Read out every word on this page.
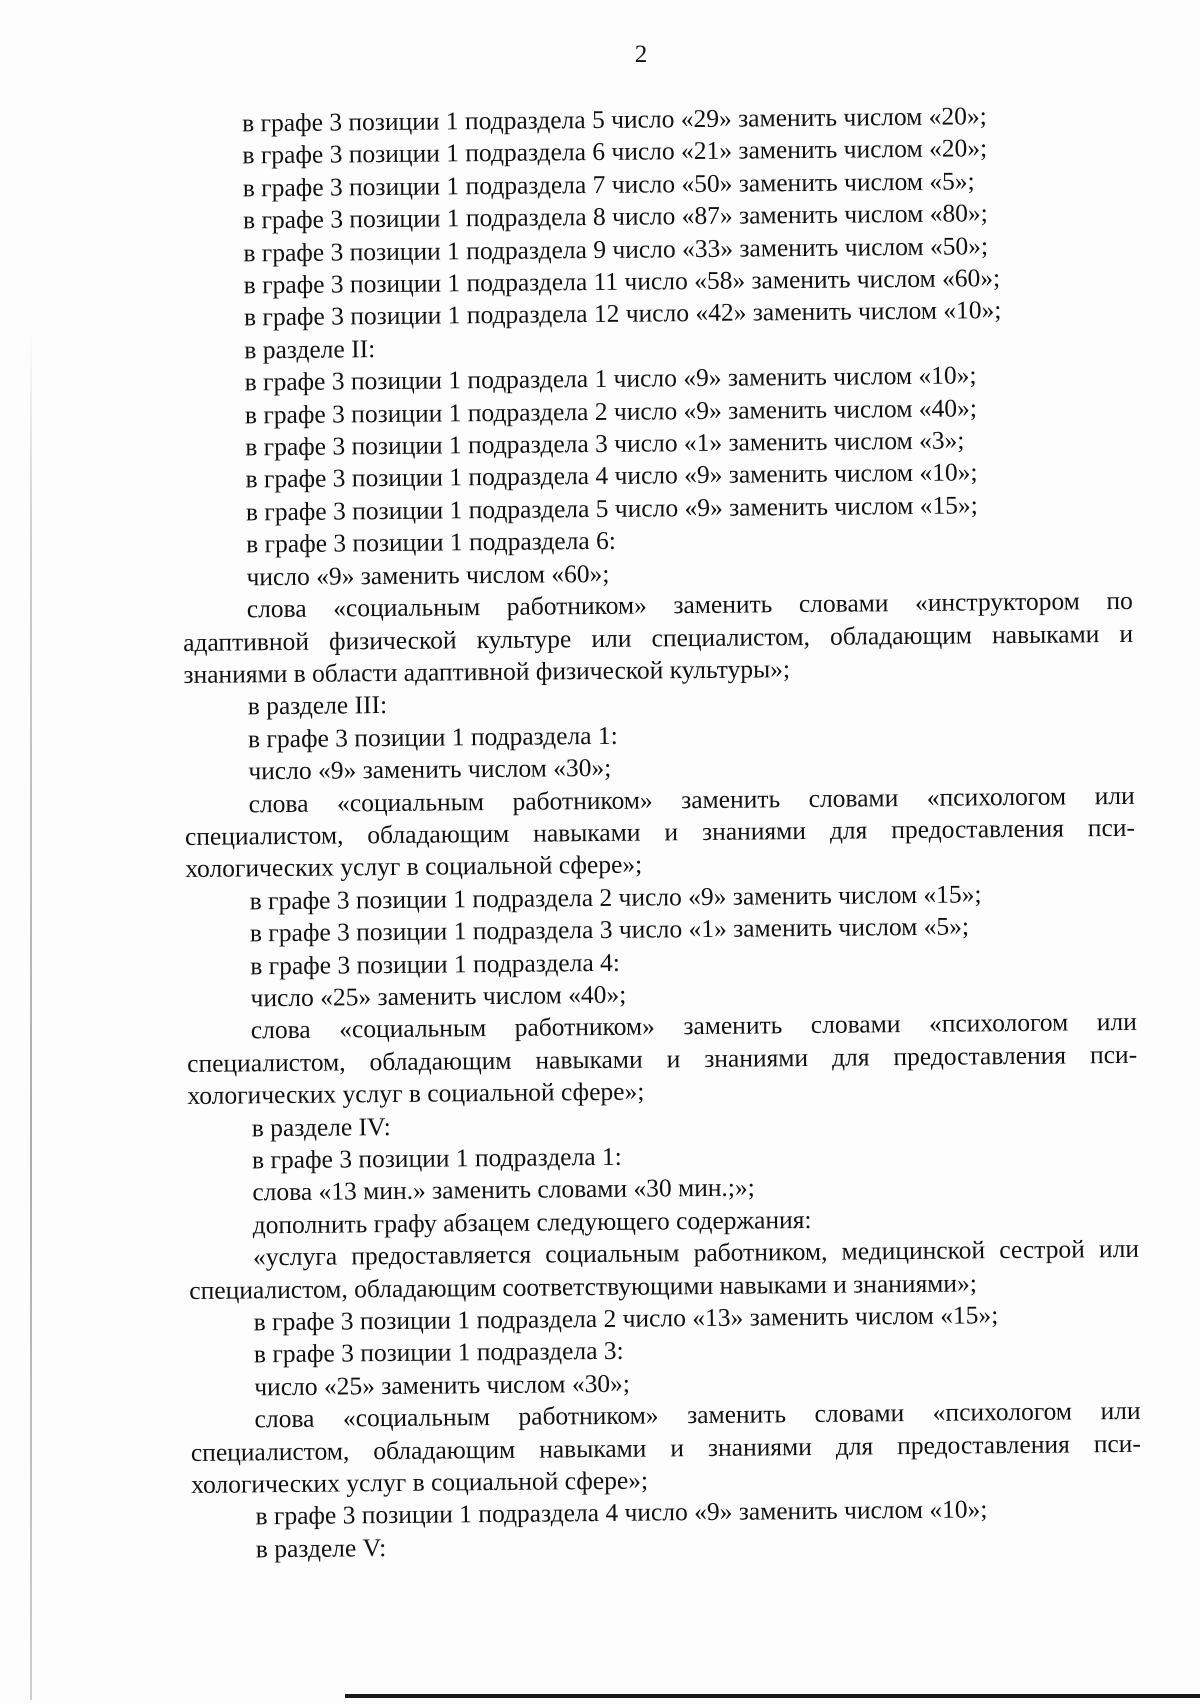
2

в графе 3 позиции 1 подраздела 5 число «29» заменить числом «20»;

в графе 3 позиции 1 подраздела 6 число «21» заменить числом «20»;

в графе 3 позиции 1 подраздела 7 число «50» заменить числом «5»;

в графе 3 позиции 1 подраздела 8 число «87» заменить числом «80»;

в графе 3 позиции 1 подраздела 9 число «33» заменить числом «50»;

в графе 3 позиции 1 подраздела 11 число «58» заменить числом «60»;

в графе 3 позиции 1 подраздела 12 число «42» заменить числом «10»;

в разделе II:

в графе 3 позиции 1 подраздела 1 число «9» заменить числом «10»;

в графе 3 позиции 1 подраздела 2 число «9» заменить числом «40»;

в графе 3 позиции 1 подраздела 3 число «1» заменить числом «3»;

в графе 3 позиции 1 подраздела 4 число «9» заменить числом «10»;

в графе 3 позиции 1 подраздела 5 число «9» заменить числом «15»;

в графе 3 позиции 1 подраздела 6:

число «9» заменить числом «60»;

слова «социальным работником» заменить словами «инструктором по адаптивной физической культуре или специалистом, обладающим навыками и знаниями в области адаптивной физической культуры»;

в разделе III:

в графе 3 позиции 1 подраздела 1:

число «9» заменить числом «30»;

слова «социальным работником» заменить словами «психологом или специалистом, обладающим навыками и знаниями для предоставления психологических услуг в социальной сфере»;

в графе 3 позиции 1 подраздела 2 число «9» заменить числом «15»;

в графе 3 позиции 1 подраздела 3 число «1» заменить числом «5»;

в графе 3 позиции 1 подраздела 4:

число «25» заменить числом «40»;

слова «социальным работником» заменить словами «психологом или специалистом, обладающим навыками и знаниями для предоставления психологических услуг в социальной сфере»;

в разделе IV:

в графе 3 позиции 1 подраздела 1:

слова «13 мин.» заменить словами «30 мин.;»;

дополнить графу абзацем следующего содержания:

«услуга предоставляется социальным работником, медицинской сестрой или специалистом, обладающим соответствующими навыками и знаниями»;

в графе 3 позиции 1 подраздела 2 число «13» заменить числом «15»;

в графе 3 позиции 1 подраздела 3:

число «25» заменить числом «30»;

слова «социальным работником» заменить словами «психологом или специалистом, обладающим навыками и знаниями для предоставления психологических услуг в социальной сфере»;

в графе 3 позиции 1 подраздела 4 число «9» заменить числом «10»;

в разделе V:
